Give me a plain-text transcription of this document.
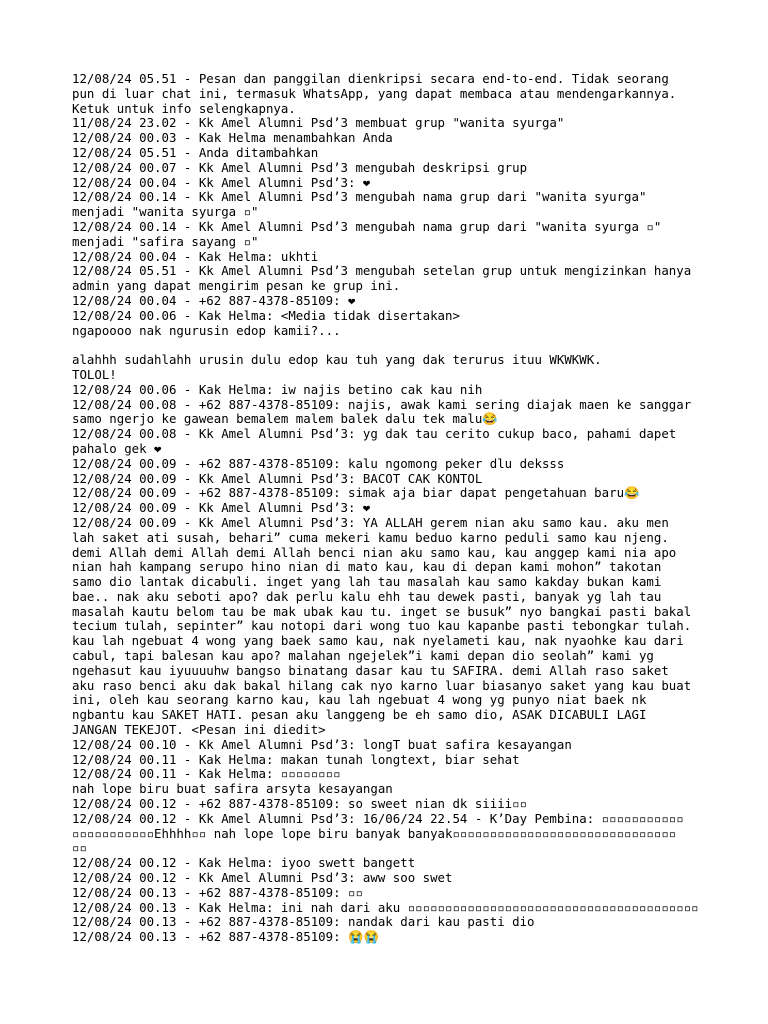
12/08/24 05.51 - Pesan dan panggilan dienkripsi secara end-to-end. Tidak seorang
pun di luar chat ini, termasuk WhatsApp, yang dapat membaca atau mendengarkannya.
Ketuk untuk info selengkapnya.
11/08/24 23.02 - Kk Amel Alumni Psd’3 membuat grup "wanita syurga"
12/08/24 00.03 - Kak Helma menambahkan Anda
12/08/24 05.51 - Anda ditambahkan
12/08/24 00.07 - Kk Amel Alumni Psd’3 mengubah deskripsi grup
12/08/24 00.04 - Kk Amel Alumni Psd’3: ❤
12/08/24 00.14 - Kk Amel Alumni Psd’3 mengubah nama grup dari "wanita syurga"
menjadi "wanita syurga ▫"
12/08/24 00.14 - Kk Amel Alumni Psd’3 mengubah nama grup dari "wanita syurga ▫"
menjadi "safira sayang ▫"
12/08/24 00.04 - Kak Helma: ukhti
12/08/24 05.51 - Kk Amel Alumni Psd’3 mengubah setelan grup untuk mengizinkan hanya
admin yang dapat mengirim pesan ke grup ini.
12/08/24 00.04 - +62 887-4378-85109: ❤
12/08/24 00.06 - Kak Helma: <Media tidak disertakan>
ngapoooo nak ngurusin edop kamii?...
alahhh sudahlahh urusin dulu edop kau tuh yang dak terurus ituu WKWKWK.
TOLOL!
12/08/24 00.06 - Kak Helma: iw najis betino cak kau nih
12/08/24 00.08 - +62 887-4378-85109: najis, awak kami sering diajak maen ke sanggar
samo ngerjo ke gawean bemalem malem balek dalu tek malu😂
12/08/24 00.08 - Kk Amel Alumni Psd’3: yg dak tau cerito cukup baco, pahami dapet
pahalo gek ❤
12/08/24 00.09 - +62 887-4378-85109: kalu ngomong peker dlu deksss
12/08/24 00.09 - Kk Amel Alumni Psd’3: BACOT CAK KONTOL
12/08/24 00.09 - +62 887-4378-85109: simak aja biar dapat pengetahuan baru😂
12/08/24 00.09 - Kk Amel Alumni Psd’3: ❤
12/08/24 00.09 - Kk Amel Alumni Psd’3: YA ALLAH gerem nian aku samo kau. aku men
lah saket ati susah, behari” cuma mekeri kamu beduo karno peduli samo kau njeng.
demi Allah demi Allah demi Allah benci nian aku samo kau, kau anggep kami nia apo
nian hah kampang serupo hino nian di mato kau, kau di depan kami mohon” takotan
samo dio lantak dicabuli. inget yang lah tau masalah kau samo kakday bukan kami
bae.. nak aku seboti apo? dak perlu kalu ehh tau dewek pasti, banyak yg lah tau
masalah kautu belom tau be mak ubak kau tu. inget se busuk” nyo bangkai pasti bakal
tecium tulah, sepinter” kau notopi dari wong tuo kau kapanbe pasti tebongkar tulah.
kau lah ngebuat 4 wong yang baek samo kau, nak nyelameti kau, nak nyaohke kau dari
cabul, tapi balesan kau apo? malahan ngejelek”i kami depan dio seolah” kami yg
ngehasut kau iyuuuuhw bangso binatang dasar kau tu SAFIRA. demi Allah raso saket
aku raso benci aku dak bakal hilang cak nyo karno luar biasanyo saket yang kau buat
ini, oleh kau seorang karno kau, kau lah ngebuat 4 wong yg punyo niat baek nk
ngbantu kau SAKET HATI. pesan aku langgeng be eh samo dio, ASAK DICABULI LAGI
JANGAN TEKEJOT. <Pesan ini diedit>
12/08/24 00.10 - Kk Amel Alumni Psd’3: longT buat safira kesayangan
12/08/24 00.11 - Kak Helma: makan tunah longtext, biar sehat
12/08/24 00.11 - Kak Helma: ▫▫▫▫▫▫▫▫
nah lope biru buat safira arsyta kesayangan
12/08/24 00.12 - +62 887-4378-85109: so sweet nian dk siiii▫▫
12/08/24 00.12 - Kk Amel Alumni Psd’3: 16/06/24 22.54 - K’Day Pembina: ▫▫▫▫▫▫▫▫▫▫▫
▫▫▫▫▫▫▫▫▫▫▫Ehhhh▫▫ nah lope lope biru banyak banyak▫▫▫▫▫▫▫▫▫▫▫▫▫▫▫▫▫▫▫▫▫▫▫▫▫▫▫▫▫▫
▫▫
12/08/24 00.12 - Kak Helma: iyoo swett bangett
12/08/24 00.12 - Kk Amel Alumni Psd’3: aww soo swet
12/08/24 00.13 - +62 887-4378-85109: ▫▫
12/08/24 00.13 - Kak Helma: ini nah dari aku ▫▫▫▫▫▫▫▫▫▫▫▫▫▫▫▫▫▫▫▫▫▫▫▫▫▫▫▫▫▫▫▫▫▫▫▫▫▫▫
12/08/24 00.13 - +62 887-4378-85109: nandak dari kau pasti dio
12/08/24 00.13 - +62 887-4378-85109: 😭😭
